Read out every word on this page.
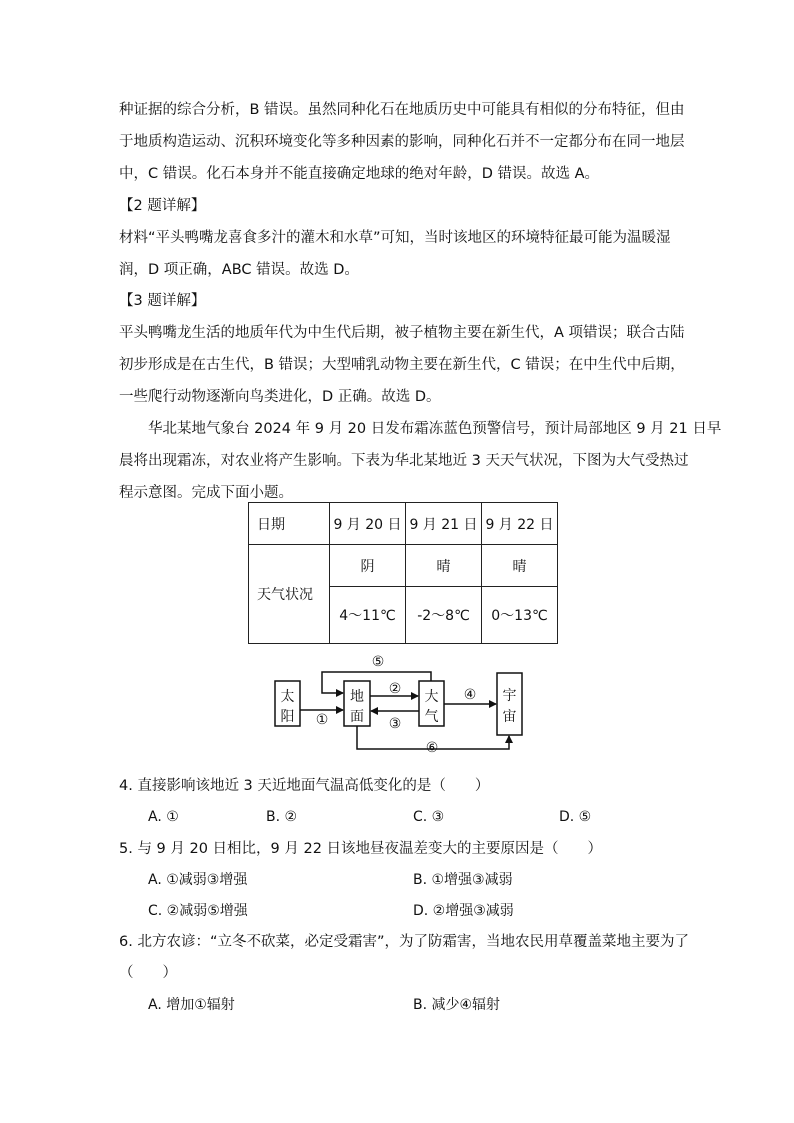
种证据的综合分析，B 错误。虽然同种化石在地质历史中可能具有相似的分布特征，但由
于地质构造运动、沉积环境变化等多种因素的影响，同种化石并不一定都分布在同一地层
中，C 错误。化石本身并不能直接确定地球的绝对年龄，D 错误。故选 A。
【2 题详解】
材料“平头鸭嘴龙喜食多汁的灌木和水草”可知，当时该地区的环境特征最可能为温暖湿
润，D 项正确，ABC 错误。故选 D。
【3 题详解】
平头鸭嘴龙生活的地质年代为中生代后期，被子植物主要在新生代，A 项错误；联合古陆
初步形成是在古生代，B 错误；大型哺乳动物主要在新生代，C 错误；在中生代中后期，
一些爬行动物逐渐向鸟类进化，D 正确。故选 D。
华北某地气象台 2024 年 9 月 20 日发布霜冻蓝色预警信号，预计局部地区 9 月 21 日早
晨将出现霜冻，对农业将产生影响。下表为华北某地近 3 天天气状况，下图为大气受热过
程示意图。完成下面小题。
日期	9 月 20 日	9 月 21 日	9 月 22 日
天气状况	阴	晴	晴
	4～11℃	-2～8℃	0～13℃
太
阳
地
面
大
气
宇
宙
①
②
③
④
⑤
⑥
4. 直接影响该地近 3 天近地面气温高低变化的是（　　）
A. ①	B. ②	C. ③	D. ⑤
5. 与 9 月 20 日相比，9 月 22 日该地昼夜温差变大的主要原因是（　　）
A. ①减弱③增强	B. ①增强③减弱
C. ②减弱⑤增强	D. ②增强③减弱
6. 北方农谚：“立冬不砍菜，必定受霜害”，为了防霜害，当地农民用草覆盖菜地主要为了
（　　）
A. 增加①辐射	B. 减少④辐射
